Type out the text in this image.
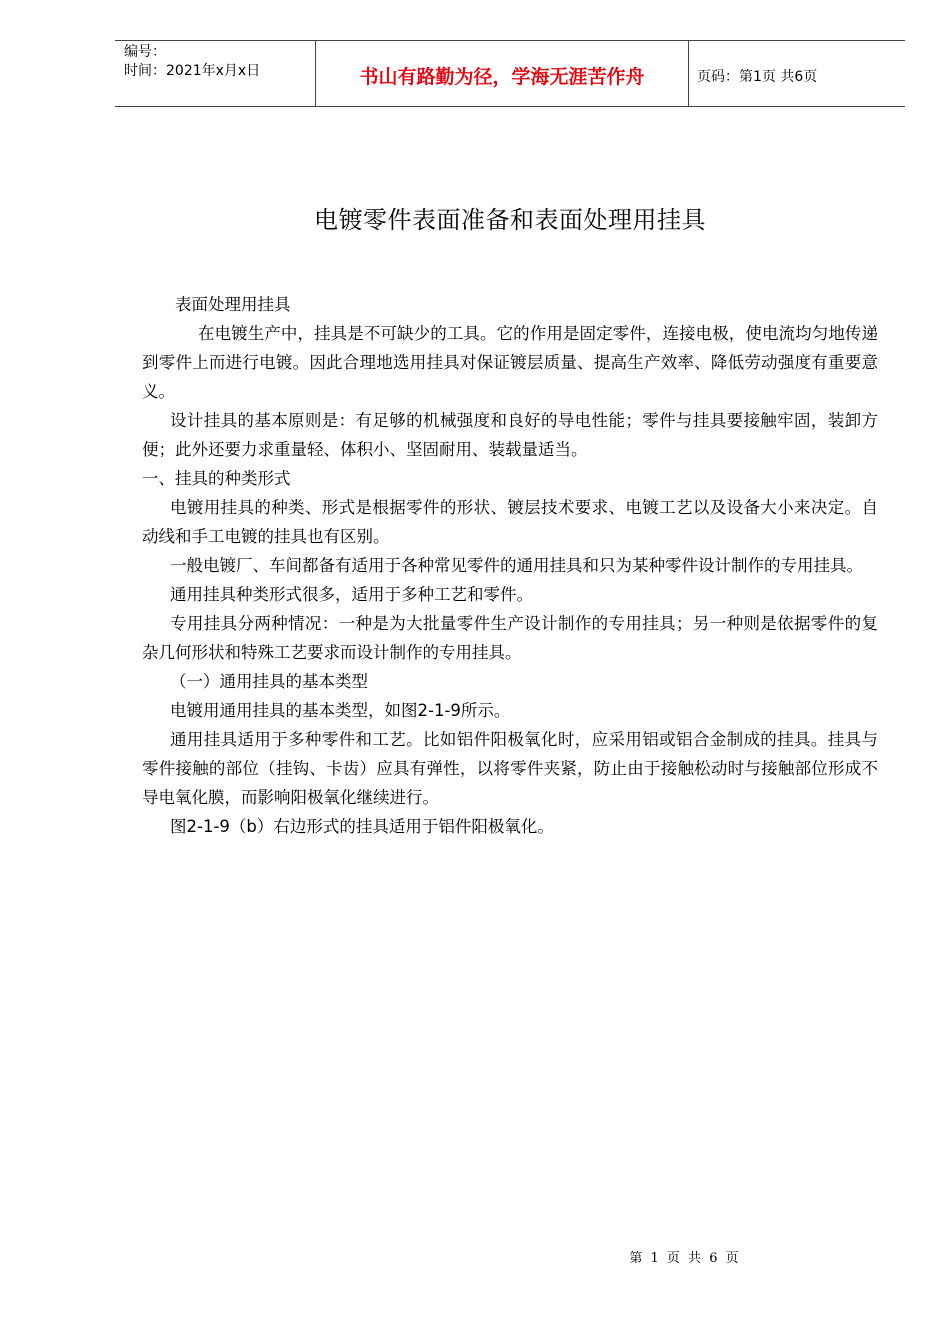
编号：
时间：2021年x月x日	书山有路勤为径，学海无涯苦作舟	页码：第1页 共6页
电镀零件表面准备和表面处理用挂具

表面处理用挂具

在电镀生产中，挂具是不可缺少的工具。它的作用是固定零件，连接电极，使电流均匀地传递到零件上而进行电镀。因此合理地选用挂具对保证镀层质量、提高生产效率、降低劳动强度有重要意义。

设计挂具的基本原则是：有足够的机械强度和良好的导电性能；零件与挂具要接触牢固，装卸方便；此外还要力求重量轻、体积小、坚固耐用、装载量适当。

一、挂具的种类形式

电镀用挂具的种类、形式是根据零件的形状、镀层技术要求、电镀工艺以及设备大小来决定。自动线和手工电镀的挂具也有区别。

一般电镀厂、车间都备有适用于各种常见零件的通用挂具和只为某种零件设计制作的专用挂具。

通用挂具种类形式很多，适用于多种工艺和零件。

专用挂具分两种情况：一种是为大批量零件生产设计制作的专用挂具；另一种则是依据零件的复杂几何形状和特殊工艺要求而设计制作的专用挂具。

（一）通用挂具的基本类型

电镀用通用挂具的基本类型，如图2-1-9所示。

通用挂具适用于多种零件和工艺。比如铝件阳极氧化时，应采用铝或铝合金制成的挂具。挂具与零件接触的部位（挂钩、卡齿）应具有弹性，以将零件夹紧，防止由于接触松动时与接触部位形成不导电氧化膜，而影响阳极氧化继续进行。

图2-1-9（b）右边形式的挂具适用于铝件阳极氧化。

第 1 页 共 6 页
